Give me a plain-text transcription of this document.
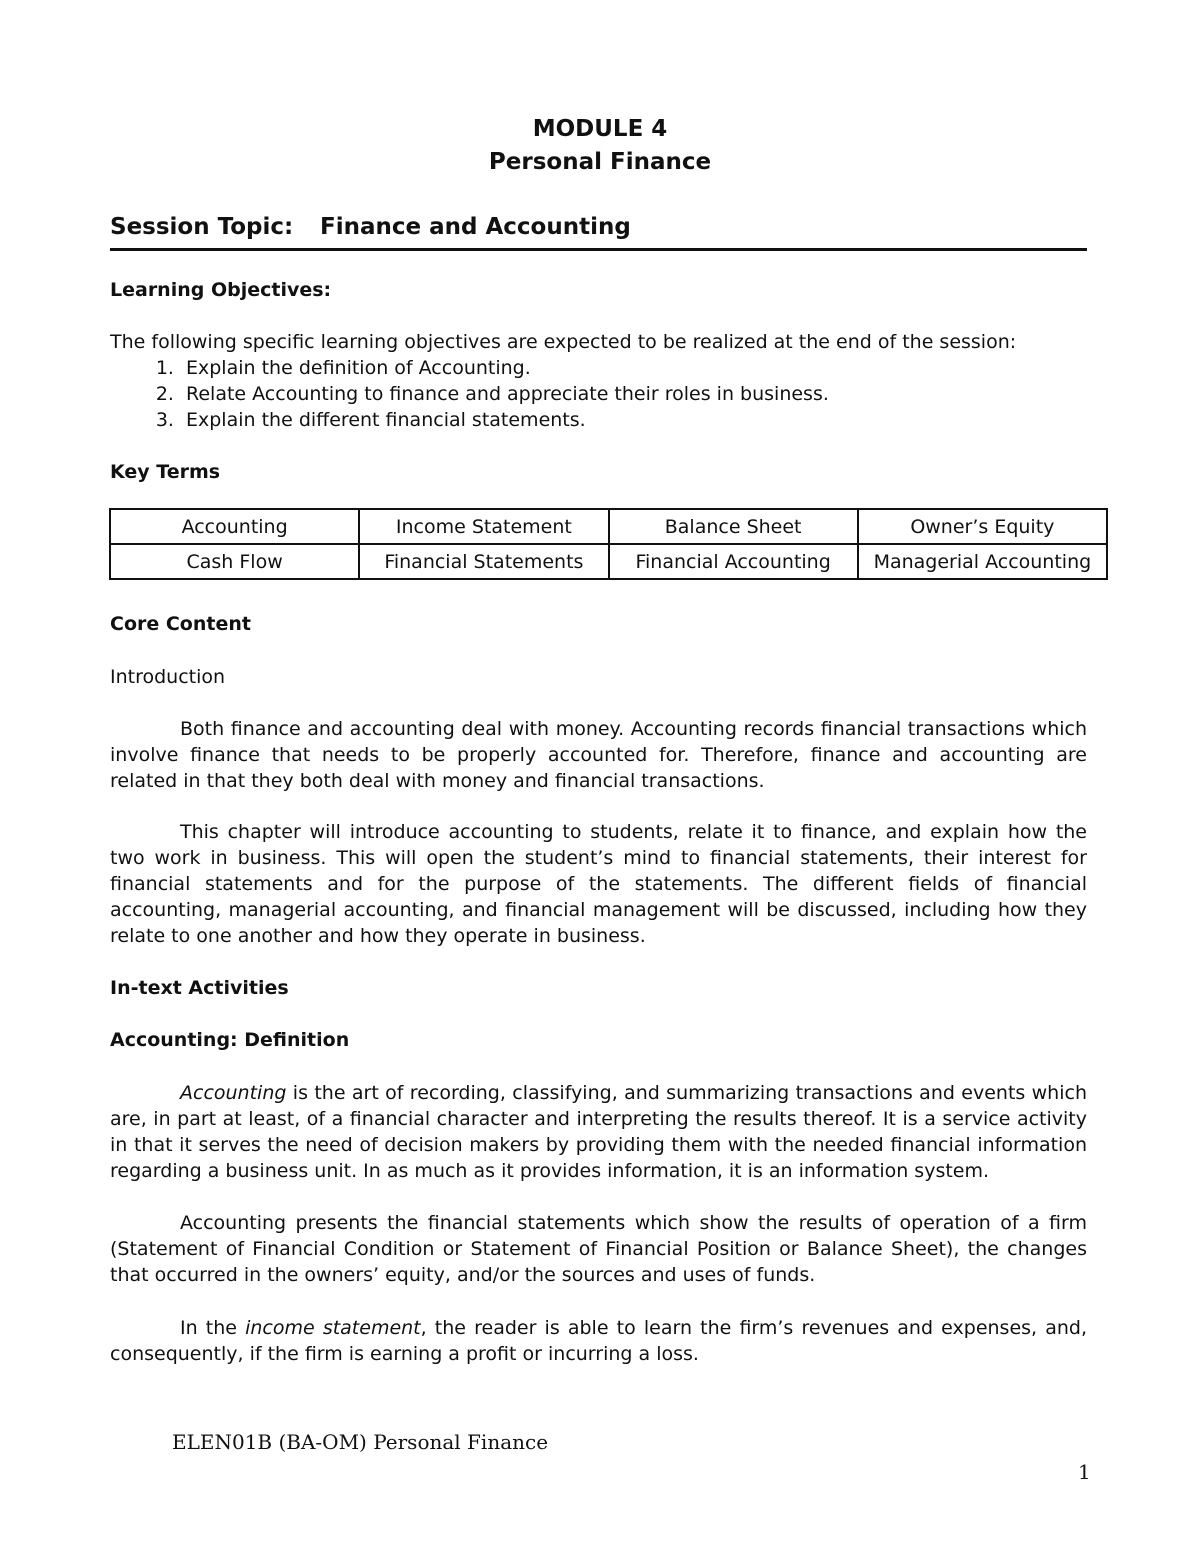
MODULE 4
Personal Finance
Session Topic: Finance and Accounting
Learning Objectives:
The following specific learning objectives are expected to be realized at the end of the session:
1. Explain the definition of Accounting.
2. Relate Accounting to finance and appreciate their roles in business.
3. Explain the different financial statements.
Key Terms
Accounting	Income Statement	Balance Sheet	Owner’s Equity
Cash Flow	Financial Statements	Financial Accounting	Managerial Accounting
Core Content
Introduction
Both finance and accounting deal with money. Accounting records financial transactions which involve finance that needs to be properly accounted for. Therefore, finance and accounting are related in that they both deal with money and financial transactions.
This chapter will introduce accounting to students, relate it to finance, and explain how the two work in business. This will open the student’s mind to financial statements, their interest for financial statements and for the purpose of the statements. The different fields of financial accounting, managerial accounting, and financial management will be discussed, including how they relate to one another and how they operate in business.
In-text Activities
Accounting: Definition
Accounting is the art of recording, classifying, and summarizing transactions and events which are, in part at least, of a financial character and interpreting the results thereof. It is a service activity in that it serves the need of decision makers by providing them with the needed financial information regarding a business unit. In as much as it provides information, it is an information system.
Accounting presents the financial statements which show the results of operation of a firm (Statement of Financial Condition or Statement of Financial Position or Balance Sheet), the changes that occurred in the owners’ equity, and/or the sources and uses of funds.
In the income statement, the reader is able to learn the firm’s revenues and expenses, and, consequently, if the firm is earning a profit or incurring a loss.
ELEN01B (BA-OM) Personal Finance
1
